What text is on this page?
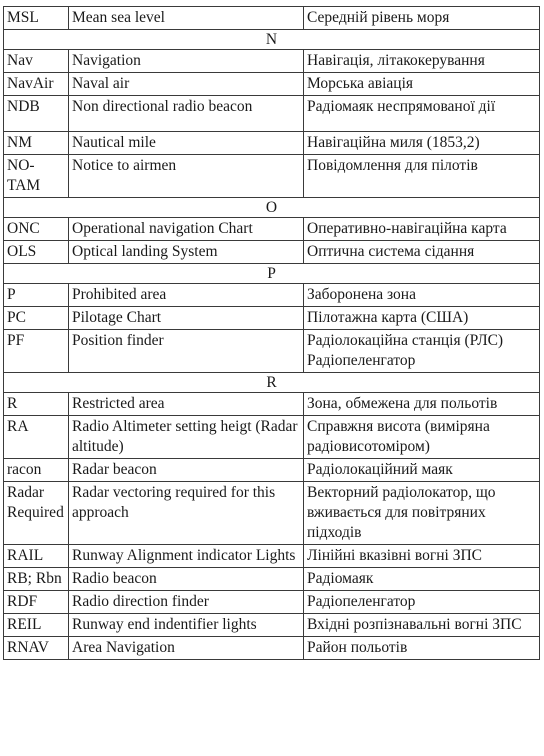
MSL	Mean sea level	Середній рівень моря
N		
Nav	Navigation	Навігація, літакокерування
NavAir	Naval air	Морська авіація
NDB	Non directional radio beacon	Радіомаяк неспрямованої дії
NM	Nautical mile	Навігаційна миля (1853,2)
NO-TAM	Notice to airmen	Повідомлення для пілотів
O		
ONC	Operational navigation Chart	Оперативно-навігаційна карта
OLS	Optical landing System	Оптична система сідання
P		
P	Prohibited area	Заборонена зона
PC	Pilotage Chart	Пілотажна карта (США)
PF	Position finder	Радіолокаційна станція (РЛС) Радіопеленгатор
R		
R	Restricted area	Зона, обмежена для польотів
RA	Radio Altimeter setting heigt (Radar altitude)	Справжня висота (виміряна радіовисотоміром)
racon	Radar beacon	Радіолокаційний маяк
Radar Required	Radar vectoring required for this approach	Векторний радіолокатор, що вживається для повітряних підходів
RAIL	Runway Alignment indicator Lights	Лінійні вказівні вогні ЗПС
RB; Rbn	Radio beacon	Радіомаяк
RDF	Radio direction finder	Радіопеленгатор
REIL	Runway end indentifier lights	Вхідні розпізнавальні вогні ЗПС
RNAV	Area Navigation	Район польотів
